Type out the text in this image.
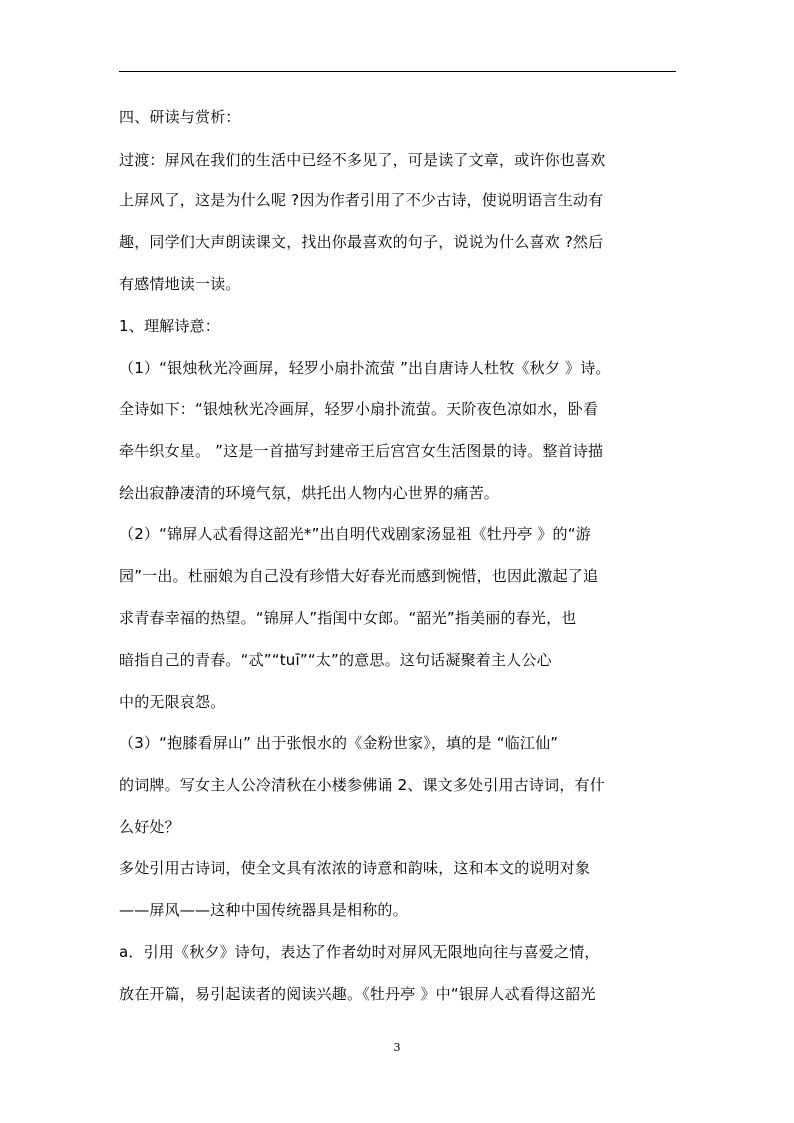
四、研读与赏析：
过渡：屏风在我们的生活中已经不多见了，可是读了文章，或许你也喜欢
上屏风了，这是为什么呢 ?因为作者引用了不少古诗，使说明语言生动有
趣，同学们大声朗读课文，找出你最喜欢的句子，说说为什么喜欢 ?然后
有感情地读一读。
1、理解诗意：
（1）“银烛秋光冷画屏，轻罗小扇扑流萤 ”出自唐诗人杜牧《秋夕 》诗。
全诗如下：“银烛秋光冷画屏，轻罗小扇扑流萤。天阶夜色凉如水，卧看
牵牛织女星。 ”这是一首描写封建帝王后宫宫女生活图景的诗。整首诗描
绘出寂静凄清的环境气氛，烘托出人物内心世界的痛苦。
（2）“锦屏人忒看得这韶光*”出自明代戏剧家汤显祖《牡丹亭 》的“游
园”一出。杜丽娘为自己没有珍惜大好春光而感到惋惜，也因此激起了追
求青春幸福的热望。“锦屏人”指闺中女郎。“韶光”指美丽的春光，也
暗指自己的青春。“忒”“tuī”“太”的意思。这句话凝聚着主人公心
中的无限哀怨。
（3）“抱膝看屏山” 出于张恨水的《金粉世家》，填的是 “临江仙”
的词牌。写女主人公冷清秋在小楼参佛诵 2、课文多处引用古诗词，有什
么好处？
多处引用古诗词，使全文具有浓浓的诗意和韵味，这和本文的说明对象
——屏风——这种中国传统器具是相称的。
a．引用《秋夕》诗句，表达了作者幼时对屏风无限地向往与喜爱之情，
放在开篇，易引起读者的阅读兴趣。《牡丹亭 》中“银屏人忒看得这韶光
3
